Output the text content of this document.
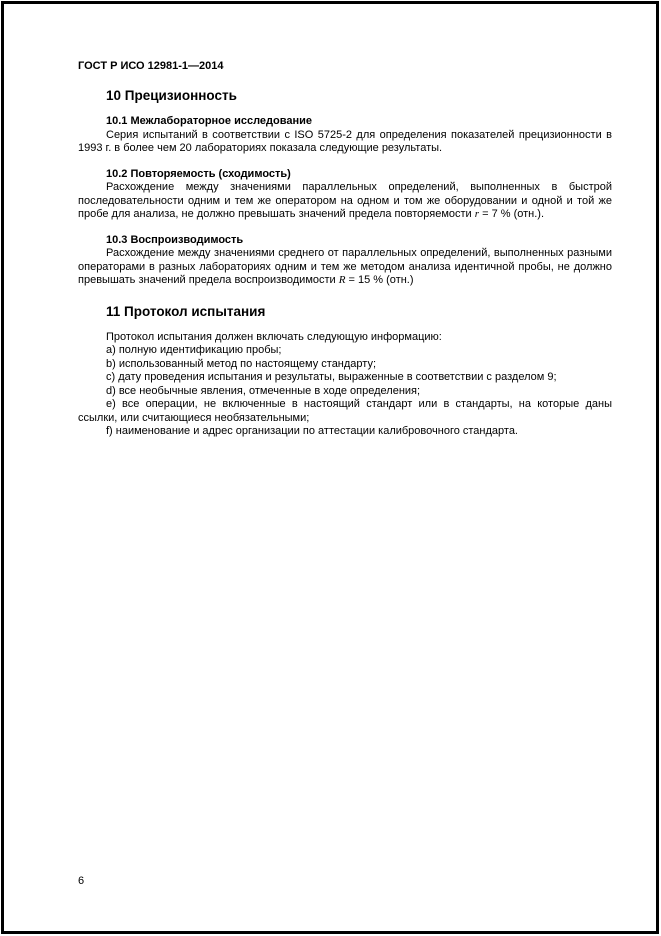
ГОСТ Р ИСО 12981-1—2014
10 Прецизионность
10.1 Межлабораторное исследование

Серия испытаний в соответствии с ISO 5725-2 для определения показателей прецизионности в 1993 г. в более чем 20 лабораториях показала следующие результаты.

10.2 Повторяемость (сходимость)

Расхождение между значениями параллельных определений, выполненных в быстрой последовательности одним и тем же оператором на одном и том же оборудовании и одной и той же пробе для анализа, не должно превышать значений предела повторяемости r = 7 % (отн.).

10.3 Воспроизводимость

Расхождение между значениями среднего от параллельных определений, выполненных разными операторами в разных лабораториях одним и тем же методом анализа идентичной пробы, не должно превышать значений предела воспроизводимости R = 15 % (отн.)

11 Протокол испытания

Протокол испытания должен включать следующую информацию:

a) полную идентификацию пробы;

b) использованный метод по настоящему стандарту;

c) дату проведения испытания и результаты, выраженные в соответствии с разделом 9;

d) все необычные явления, отмеченные в ходе определения;

e) все операции, не включенные в настоящий стандарт или в стандарты, на которые даны ссылки, или считающиеся необязательными;

f) наименование и адрес организации по аттестации калибровочного стандарта.

6
